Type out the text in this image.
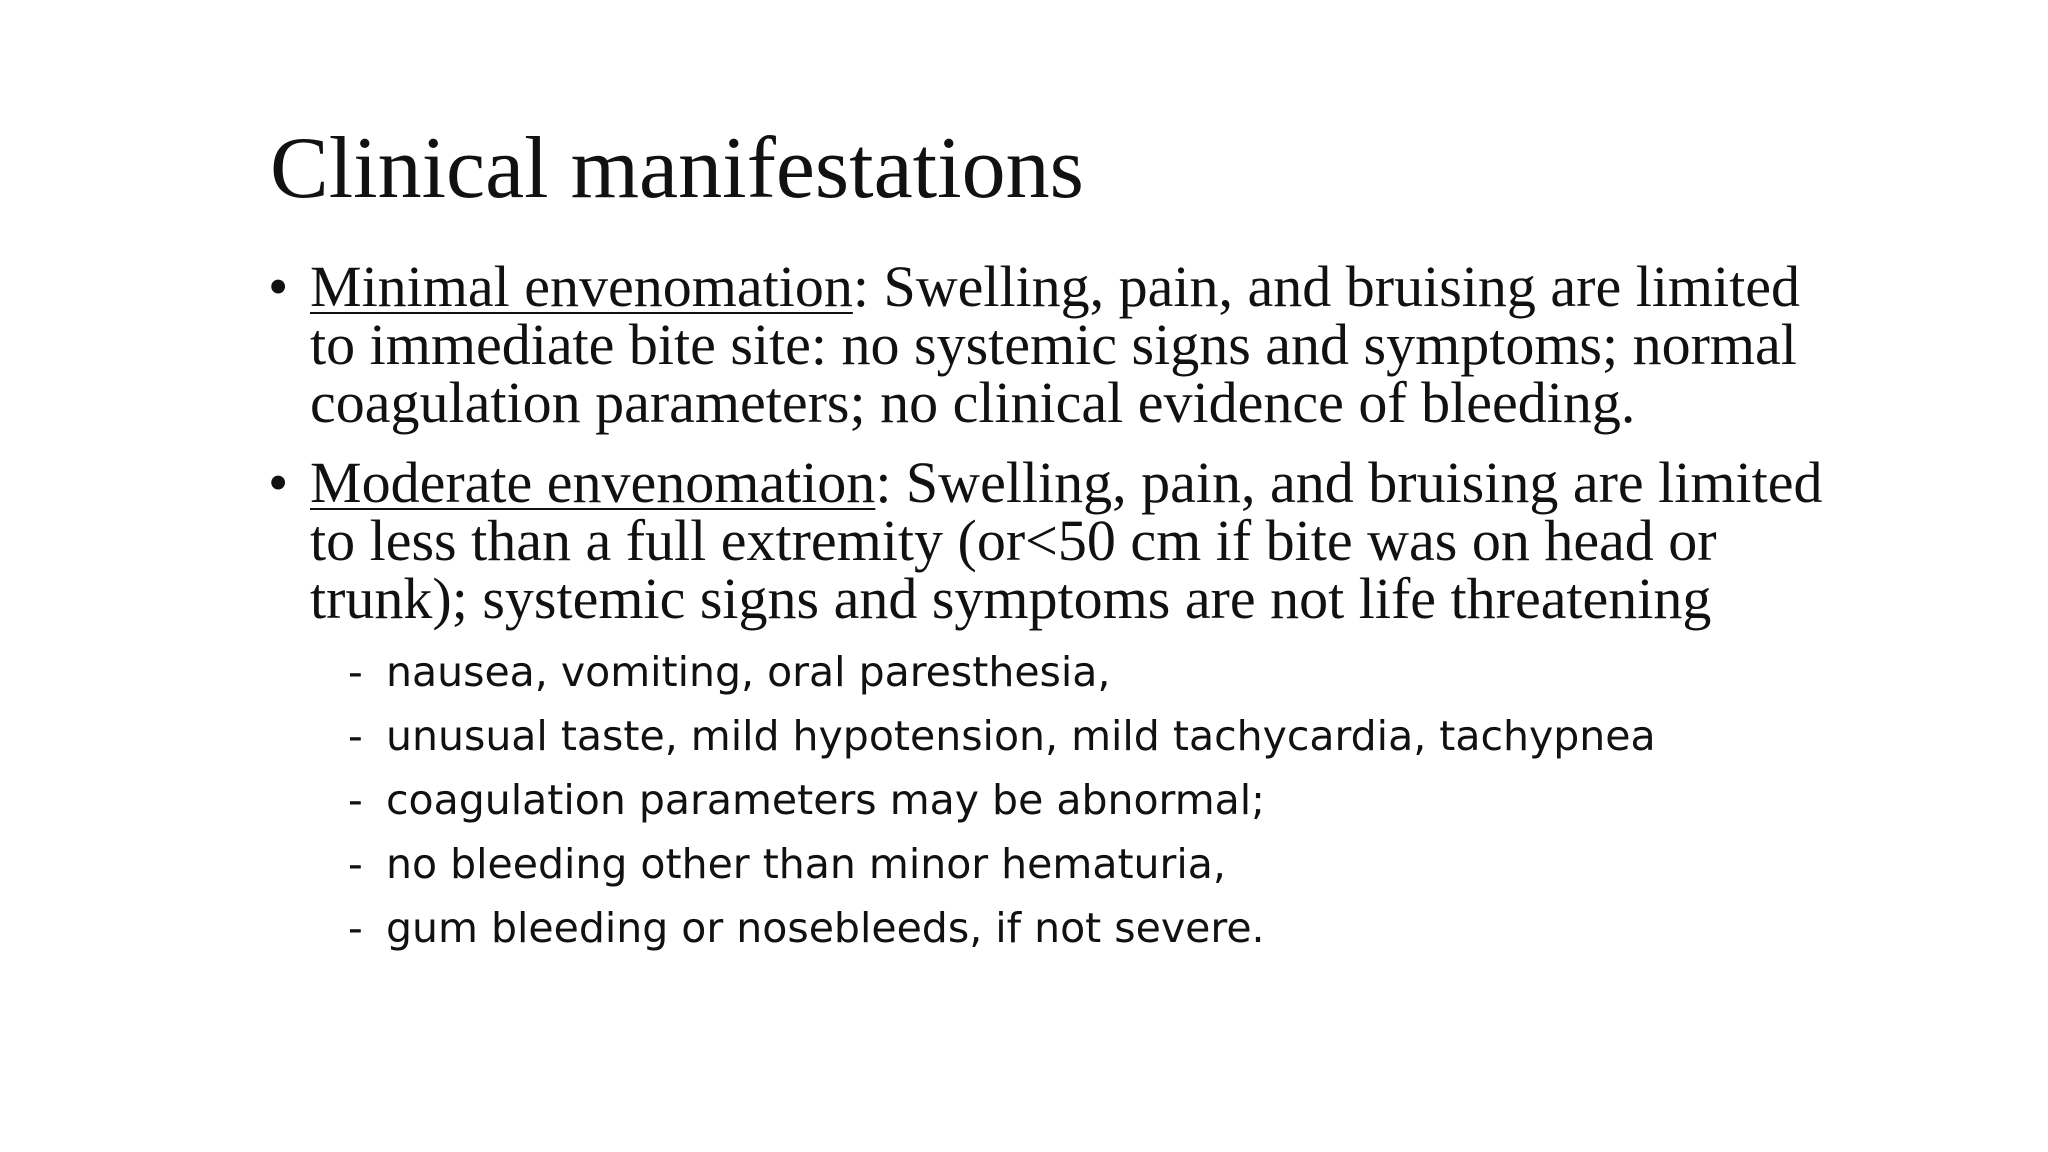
Clinical manifestations
• Minimal envenomation: Swelling, pain, and bruising are limited to immediate bite site: no systemic signs and symptoms; normal coagulation parameters; no clinical evidence of bleeding.
• Moderate envenomation: Swelling, pain, and bruising are limited to less than a full extremity (or<50 cm if bite was on head or trunk); systemic signs and symptoms are not life threatening
- nausea, vomiting, oral paresthesia,
- unusual taste, mild hypotension, mild tachycardia, tachypnea
- coagulation parameters may be abnormal;
- no bleeding other than minor hematuria,
- gum bleeding or nosebleeds, if not severe.
